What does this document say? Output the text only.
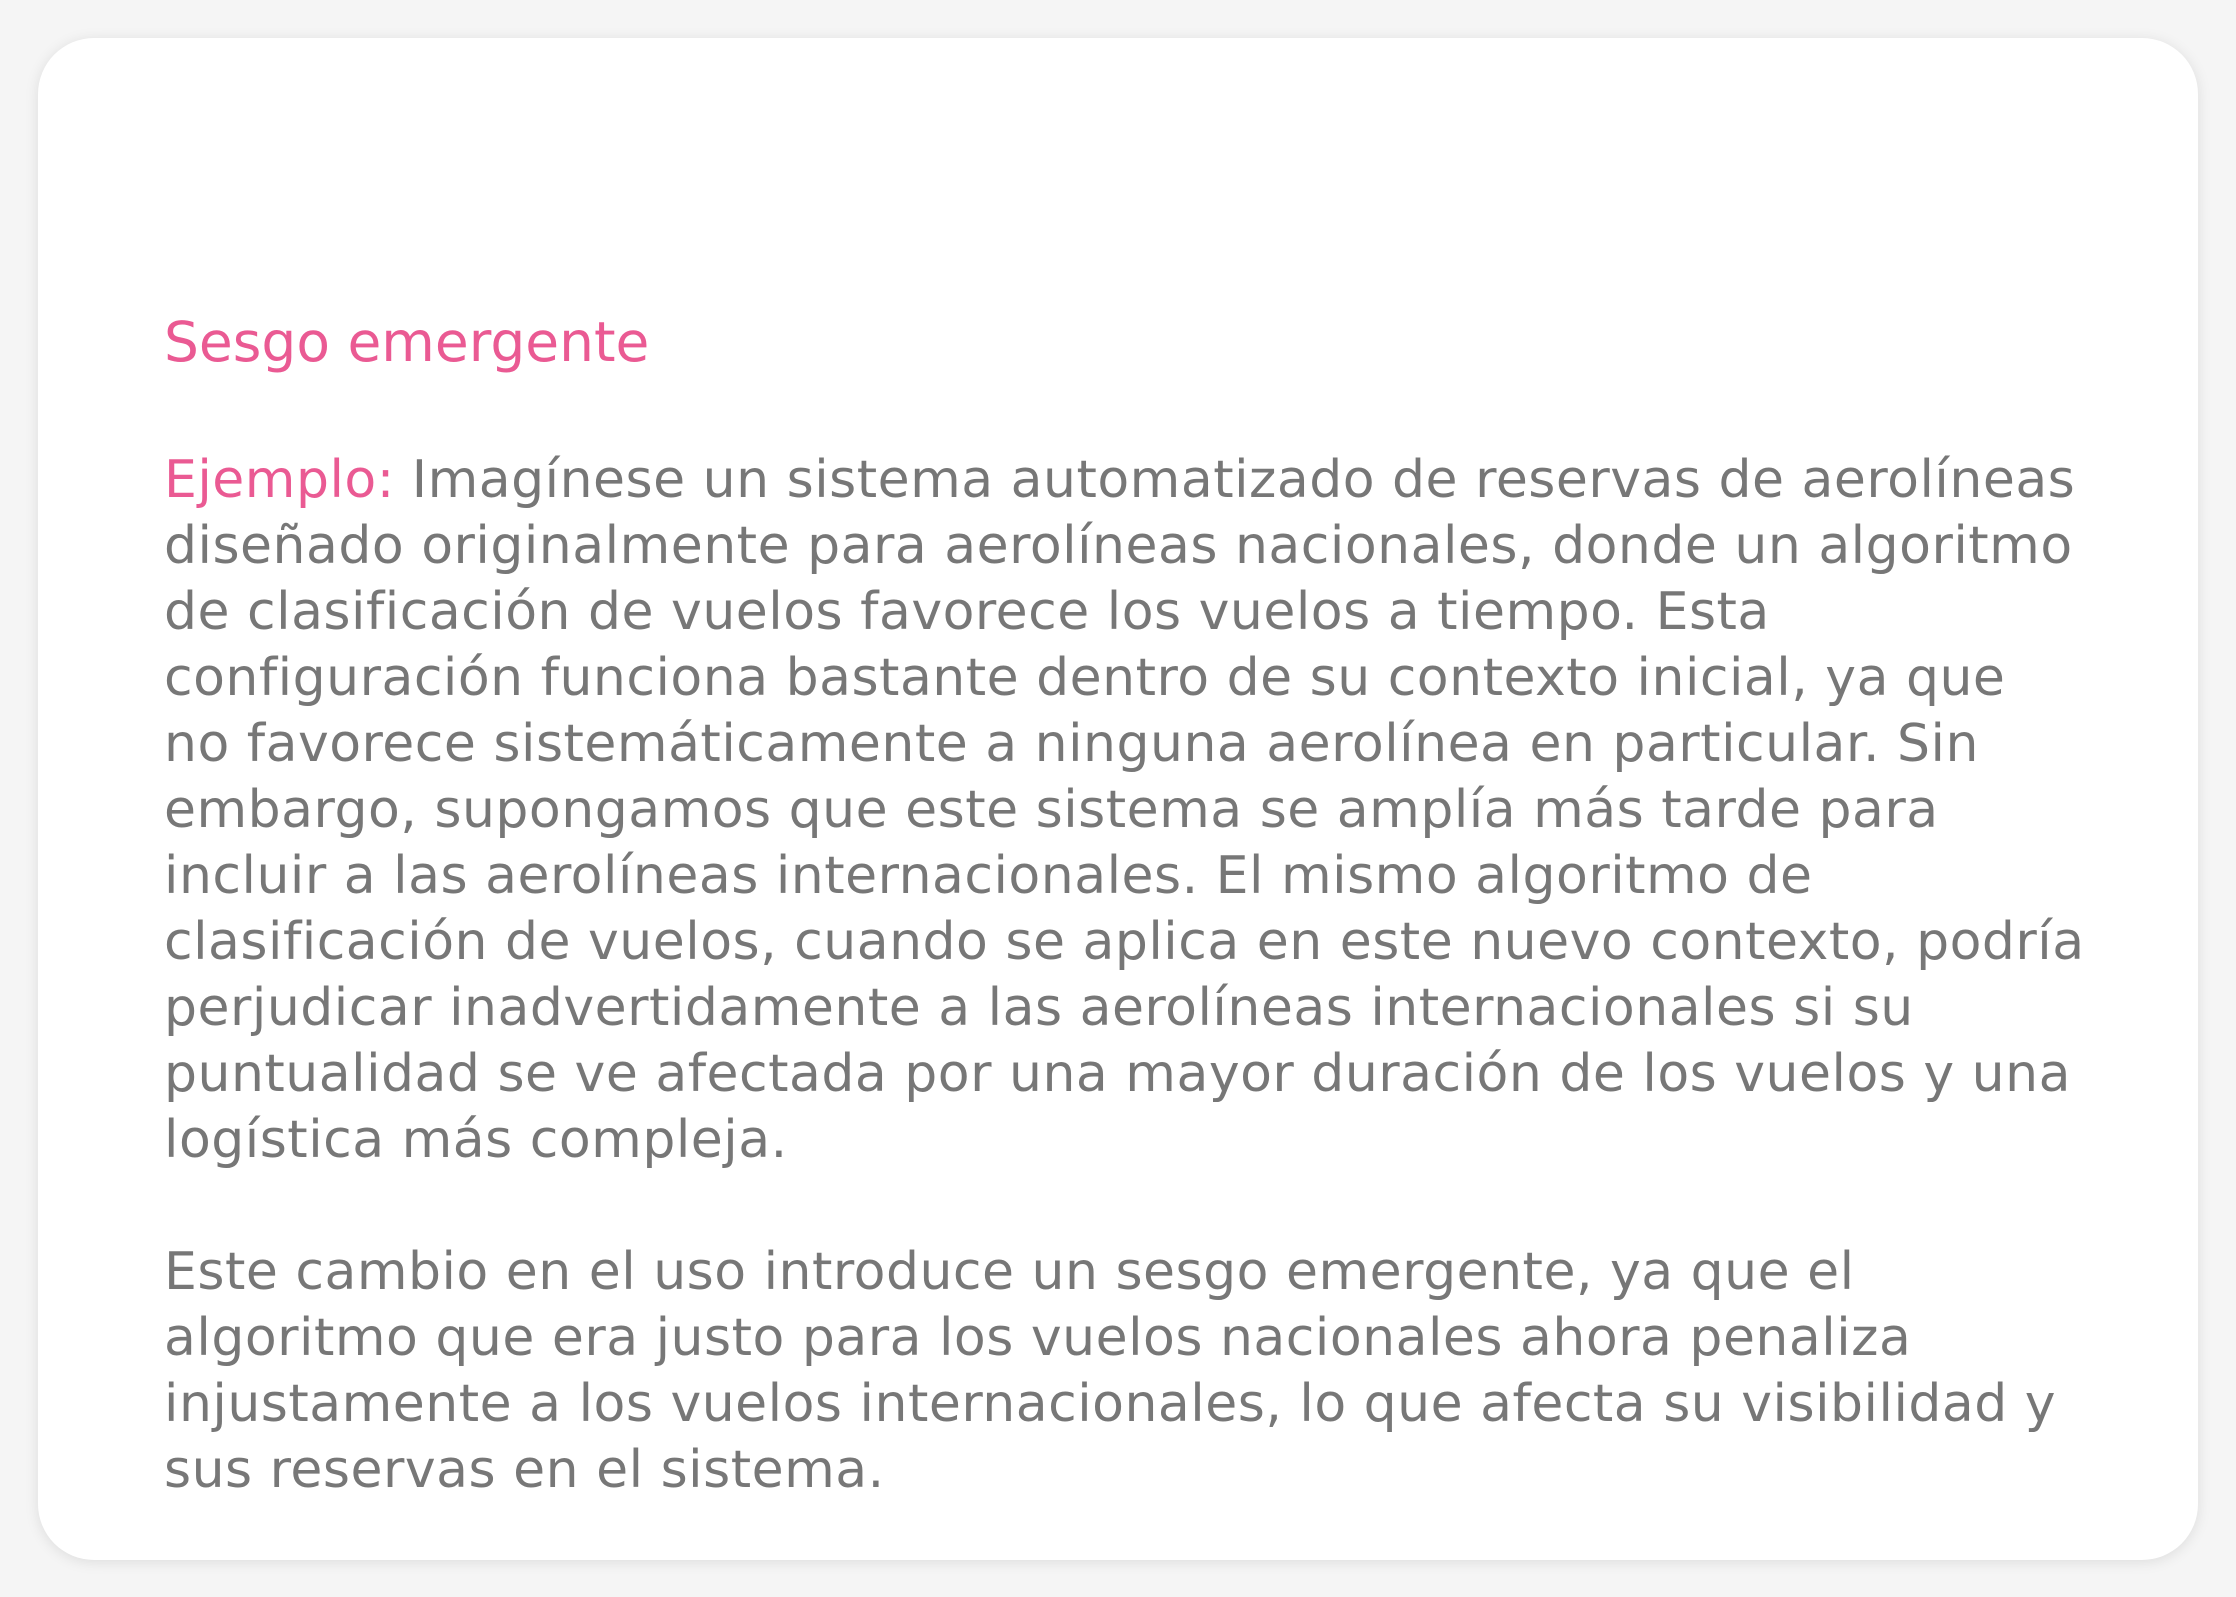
Sesgo emergente

Ejemplo: Imagínese un sistema automatizado de reservas de aerolíneas diseñado originalmente para aerolíneas nacionales, donde un algoritmo de clasificación de vuelos favorece los vuelos a tiempo. Esta configuración funciona bastante dentro de su contexto inicial, ya que no favorece sistemáticamente a ninguna aerolínea en particular. Sin embargo, supongamos que este sistema se amplía más tarde para incluir a las aerolíneas internacionales. El mismo algoritmo de clasificación de vuelos, cuando se aplica en este nuevo contexto, podría perjudicar inadvertidamente a las aerolíneas internacionales si su puntualidad se ve afectada por una mayor duración de los vuelos y una logística más compleja.

Este cambio en el uso introduce un sesgo emergente, ya que el algoritmo que era justo para los vuelos nacionales ahora penaliza injustamente a los vuelos internacionales, lo que afecta su visibilidad y sus reservas en el sistema.
